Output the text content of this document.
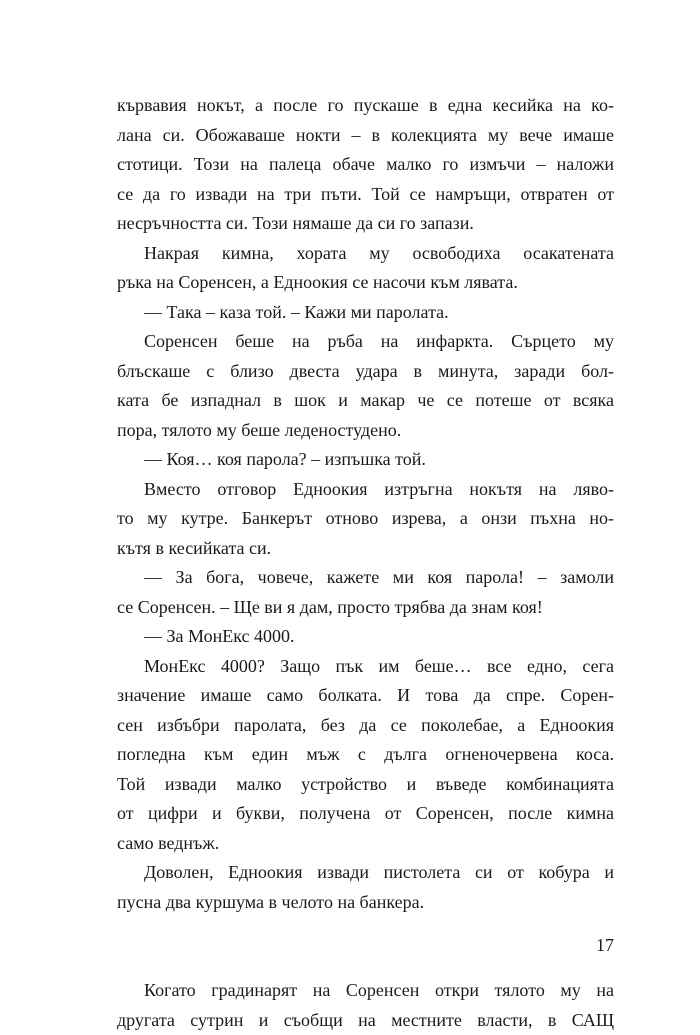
кървавия нокът, а после го пускаше в една кесийка на ко-
лана си. Обожаваше нокти – в колекцията му вече имаше
стотици. Този на палеца обаче малко го измъчи – наложи
се да го извади на три пъти. Той се намръщи, отвратен от
несръчността си. Този нямаше да си го запази.
Накрая кимна, хората му освободиха осакатената
ръка на Соренсен, а Едноокия се насочи към лявата.
— Така – каза той. – Кажи ми паролата.
Соренсен беше на ръба на инфаркта. Сърцето му
блъскаше с близо двеста удара в минута, заради бол-
ката бе изпаднал в шок и макар че се потеше от всяка
пора, тялото му беше леденостудено.
— Коя… коя парола? – изпъшка той.
Вместо отговор Едноокия изтръгна нокътя на ляво-
то му кутре. Банкерът отново изрева, а онзи пъхна но-
кътя в кесийката си.
— За бога, човече, кажете ми коя парола! – замоли
се Соренсен. – Ще ви я дам, просто трябва да знам коя!
— За МонЕкс 4000.
МонЕкс 4000? Защо пък им беше… все едно, сега
значение имаше само болката. И това да спре. Сорен-
сен избъбри паролата, без да се поколебае, а Едноокия
погледна към един мъж с дълга огненочервена коса.
Той извади малко устройство и въведе комбинацията
от цифри и букви, получена от Соренсен, после кимна
само веднъж.
Доволен, Едноокия извади пистолета си от кобура и
пусна два куршума в челото на банкера.
Когато градинарят на Соренсен откри тялото му на
другата сутрин и съобщи на местните власти, в САЩ
17
